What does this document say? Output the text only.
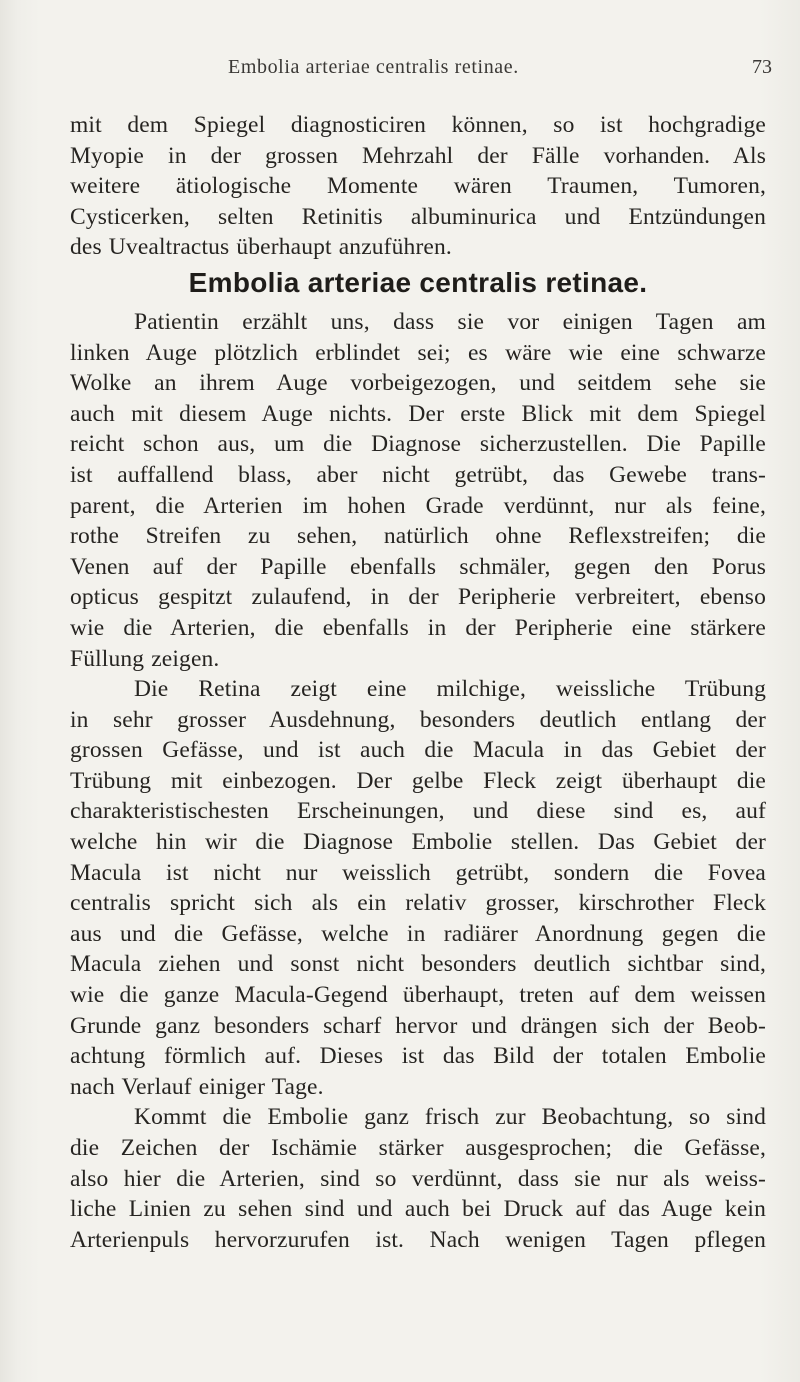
Embolia arteriae centralis retinae.	73
mit dem Spiegel diagnosticiren können, so ist hochgradige
Myopie in der grossen Mehrzahl der Fälle vorhanden. Als
weitere ätiologische Momente wären Traumen, Tumoren,
Cysticerken, selten Retinitis albuminurica und Entzündungen
des Uvealtractus überhaupt anzuführen.
Embolia arteriae centralis retinae.
Patientin erzählt uns, dass sie vor einigen Tagen am
linken Auge plötzlich erblindet sei; es wäre wie eine schwarze
Wolke an ihrem Auge vorbeigezogen, und seitdem sehe sie
auch mit diesem Auge nichts. Der erste Blick mit dem Spiegel
reicht schon aus, um die Diagnose sicherzustellen. Die Papille
ist auffallend blass, aber nicht getrübt, das Gewebe trans-
parent, die Arterien im hohen Grade verdünnt, nur als feine,
rothe Streifen zu sehen, natürlich ohne Reflexstreifen; die
Venen auf der Papille ebenfalls schmäler, gegen den Porus
opticus gespitzt zulaufend, in der Peripherie verbreitert, ebenso
wie die Arterien, die ebenfalls in der Peripherie eine stärkere
Füllung zeigen.
Die Retina zeigt eine milchige, weissliche Trübung
in sehr grosser Ausdehnung, besonders deutlich entlang der
grossen Gefässe, und ist auch die Macula in das Gebiet der
Trübung mit einbezogen. Der gelbe Fleck zeigt überhaupt die
charakteristischesten Erscheinungen, und diese sind es, auf
welche hin wir die Diagnose Embolie stellen. Das Gebiet der
Macula ist nicht nur weisslich getrübt, sondern die Fovea
centralis spricht sich als ein relativ grosser, kirschrother Fleck
aus und die Gefässe, welche in radiärer Anordnung gegen die
Macula ziehen und sonst nicht besonders deutlich sichtbar sind,
wie die ganze Macula-Gegend überhaupt, treten auf dem weissen
Grunde ganz besonders scharf hervor und drängen sich der Beob-
achtung förmlich auf. Dieses ist das Bild der totalen Embolie
nach Verlauf einiger Tage.
Kommt die Embolie ganz frisch zur Beobachtung, so sind
die Zeichen der Ischämie stärker ausgesprochen; die Gefässe,
also hier die Arterien, sind so verdünnt, dass sie nur als weiss-
liche Linien zu sehen sind und auch bei Druck auf das Auge kein
Arterienpuls hervorzurufen ist. Nach wenigen Tagen pflegen
